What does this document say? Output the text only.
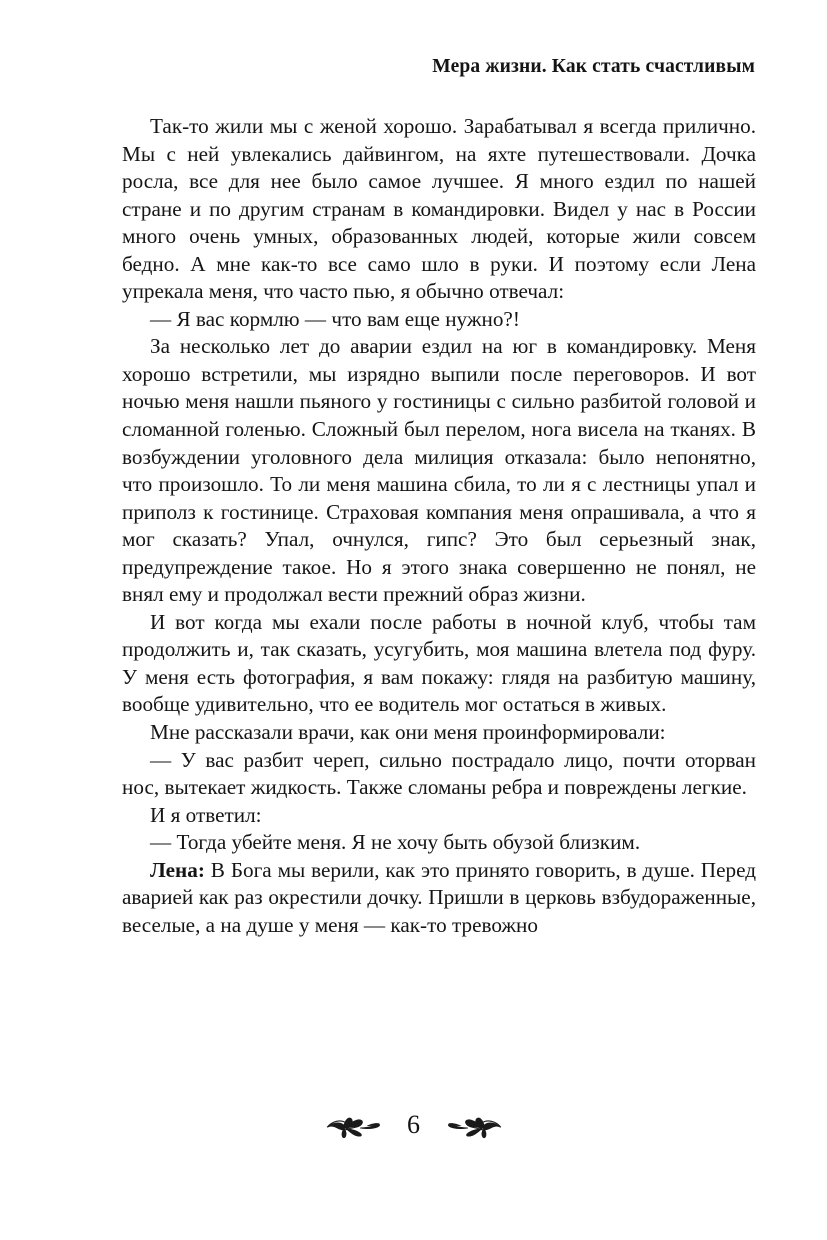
Мера жизни. Как стать счастливым

Так-то жили мы с женой хорошо. Зарабатывал я всегда прилично. Мы с ней увлекались дайвингом, на яхте путешествовали. Дочка росла, все для нее было самое лучшее. Я много ездил по нашей стране и по другим странам в командировки. Видел у нас в России много очень умных, образованных людей, которые жили совсем бедно. А мне как-то все само шло в руки. И поэтому если Лена упрекала меня, что часто пью, я обычно отвечал:

— Я вас кормлю — что вам еще нужно?!

За несколько лет до аварии ездил на юг в командировку. Меня хорошо встретили, мы изрядно выпили после переговоров. И вот ночью меня нашли пьяного у гостиницы с сильно разбитой головой и сломанной голенью. Сложный был перелом, нога висела на тканях. В возбуждении уголовного дела милиция отказала: было непонятно, что произошло. То ли меня машина сбила, то ли я с лестницы упал и приполз к гостинице. Страховая компания меня опрашивала, а что я мог сказать? Упал, очнулся, гипс? Это был серьезный знак, предупреждение такое. Но я этого знака совершенно не понял, не внял ему и продолжал вести прежний образ жизни.

И вот когда мы ехали после работы в ночной клуб, чтобы там продолжить и, так сказать, усугубить, моя машина влетела под фуру. У меня есть фотография, я вам покажу: глядя на разбитую машину, вообще удивительно, что ее водитель мог остаться в живых.

Мне рассказали врачи, как они меня проинформировали:

— У вас разбит череп, сильно пострадало лицо, почти оторван нос, вытекает жидкость. Также сломаны ребра и повреждены легкие.

И я ответил:

— Тогда убейте меня. Я не хочу быть обузой близким.

Лена: В Бога мы верили, как это принято говорить, в душе. Перед аварией как раз окрестили дочку. Пришли в церковь взбудораженные, веселые, а на душе у меня — как-то тревожно

6
